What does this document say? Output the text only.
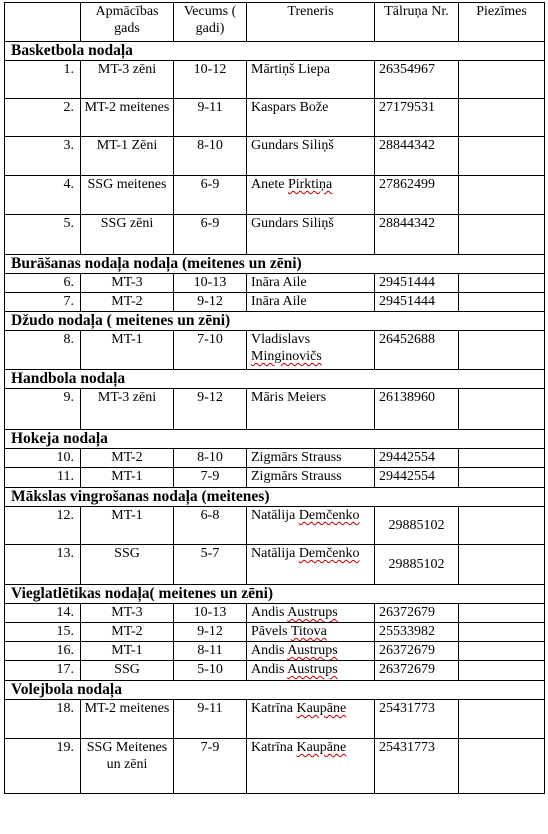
	Apmācības gads	Vecums ( gadi)	Treneris	Tālruņa Nr.	Piezīmes
Basketbola nodaļa					
1.	MT-3 zēni	10-12	Mārtiņš Liepa	26354967	
2.	MT-2 meitenes	9-11	Kaspars Bože	27179531	
3.	MT-1 Zēni	8-10	Gundars Siliņš	28844342	
4.	SSG meitenes	6-9	Anete Pirktiņa	27862499	
5.	SSG zēni	6-9	Gundars Siliņš	28844342	
Burāšanas nodaļa nodaļa (meitenes un zēni)					
6.	MT-3	10-13	Ināra Aile	29451444	
7.	MT-2	9-12	Ināra Aile	29451444	
Džudo nodaļa ( meitenes un zēni)					
8.	MT-1	7-10	Vladislavs Minginovičs	26452688	
Handbola nodaļa					
9.	MT-3 zēni	9-12	Māris Meiers	26138960	
Hokeja nodaļa					
10.	MT-2	8-10	Zigmārs Strauss	29442554	
11.	MT-1	7-9	Zigmārs Strauss	29442554	
Mākslas vingrošanas nodaļa (meitenes)					
12.	MT-1	6-8	Natālija Demčenko	29885102	
13.	SSG	5-7	Natālija Demčenko	29885102	
Vieglatlētikas nodaļa( meitenes un zēni)					
14.	MT-3	10-13	Andis Austrups	26372679	
15.	MT-2	9-12	Pāvels Titova	25533982	
16.	MT-1	8-11	Andis Austrups	26372679	
17.	SSG	5-10	Andis Austrups	26372679	
Volejbola nodaļa					
18.	MT-2 meitenes	9-11	Katrīna Kaupāne	25431773	
19.	SSG Meitenes un zēni	7-9	Katrīna Kaupāne	25431773	
